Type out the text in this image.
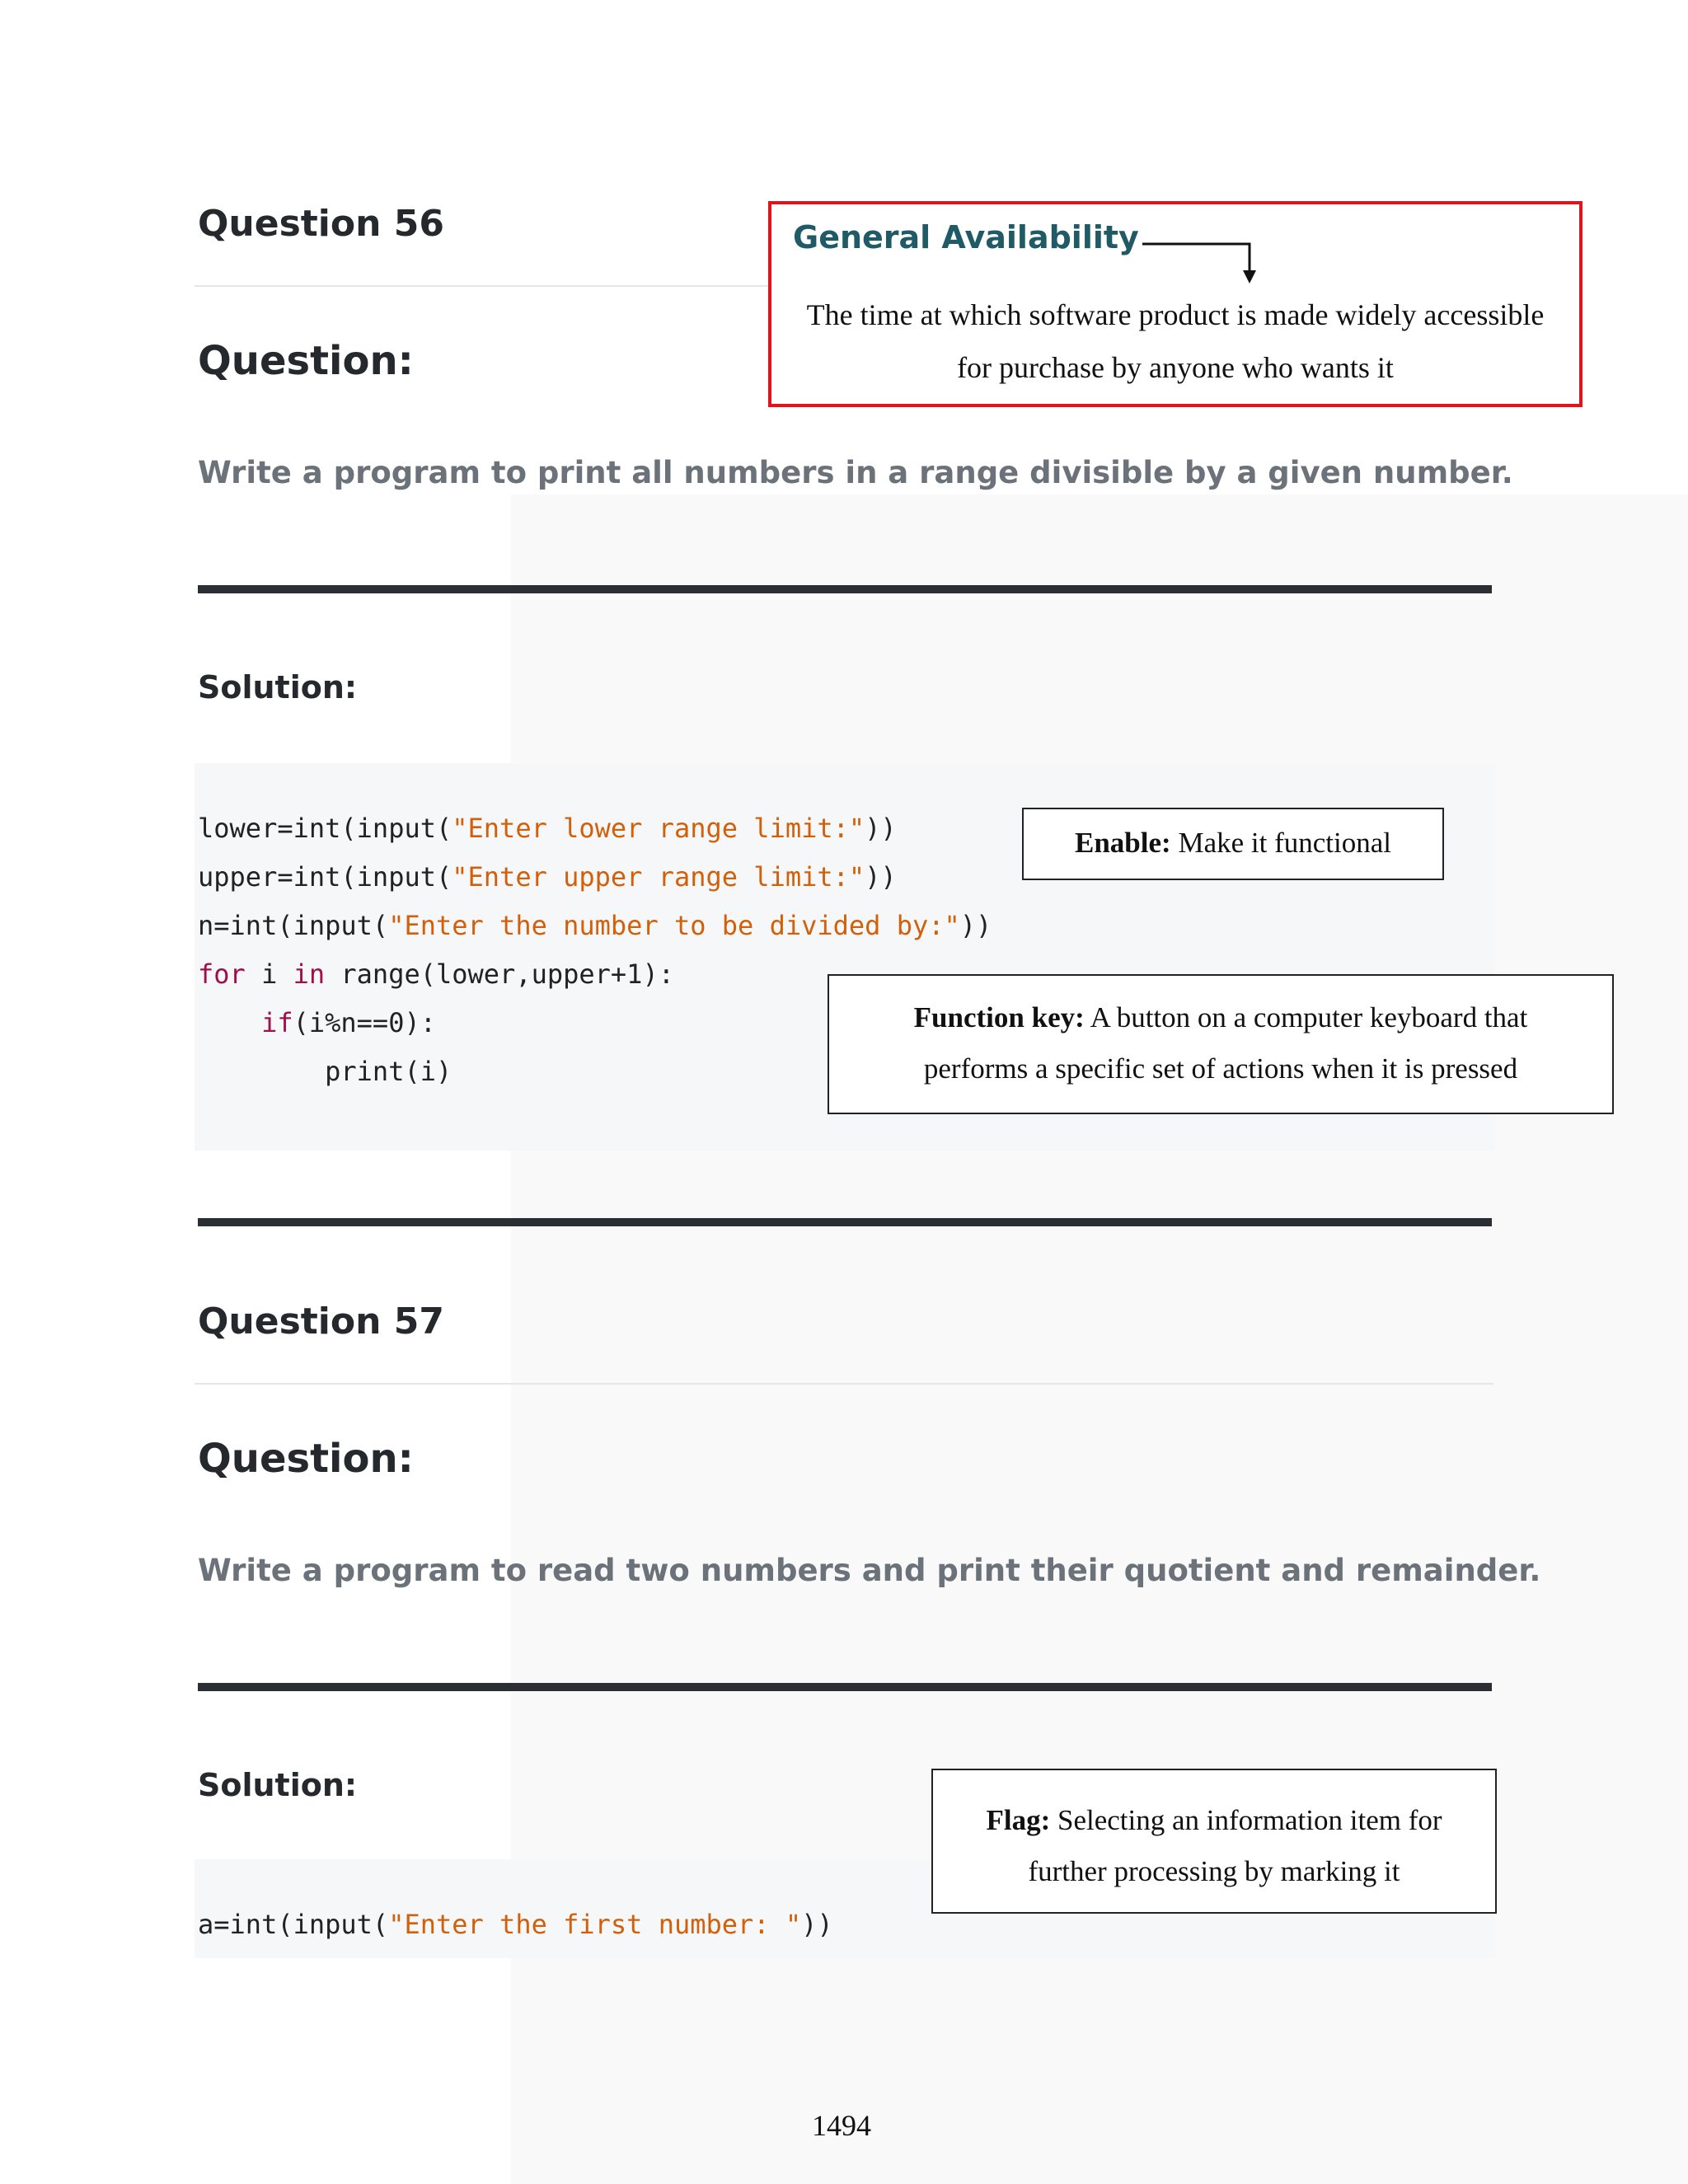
Question 56
Question:
Write a program to print all numbers in a range divisible by a given number.
Solution:
lower=int(input("Enter lower range limit:"))
upper=int(input("Enter upper range limit:"))
n=int(input("Enter the number to be divided by:"))
for i in range(lower,upper+1):
if(i%n==0):
print(i)
Question 57
Question:
Write a program to read two numbers and print their quotient and remainder.
Solution:
a=int(input("Enter the first number: "))
General Availability
The time at which software product is made widely accessible
for purchase by anyone who wants it
Enable: Make it functional
Function key: A button on a computer keyboard that
performs a specific set of actions when it is pressed
Flag: Selecting an information item for
further processing by marking it
1494
